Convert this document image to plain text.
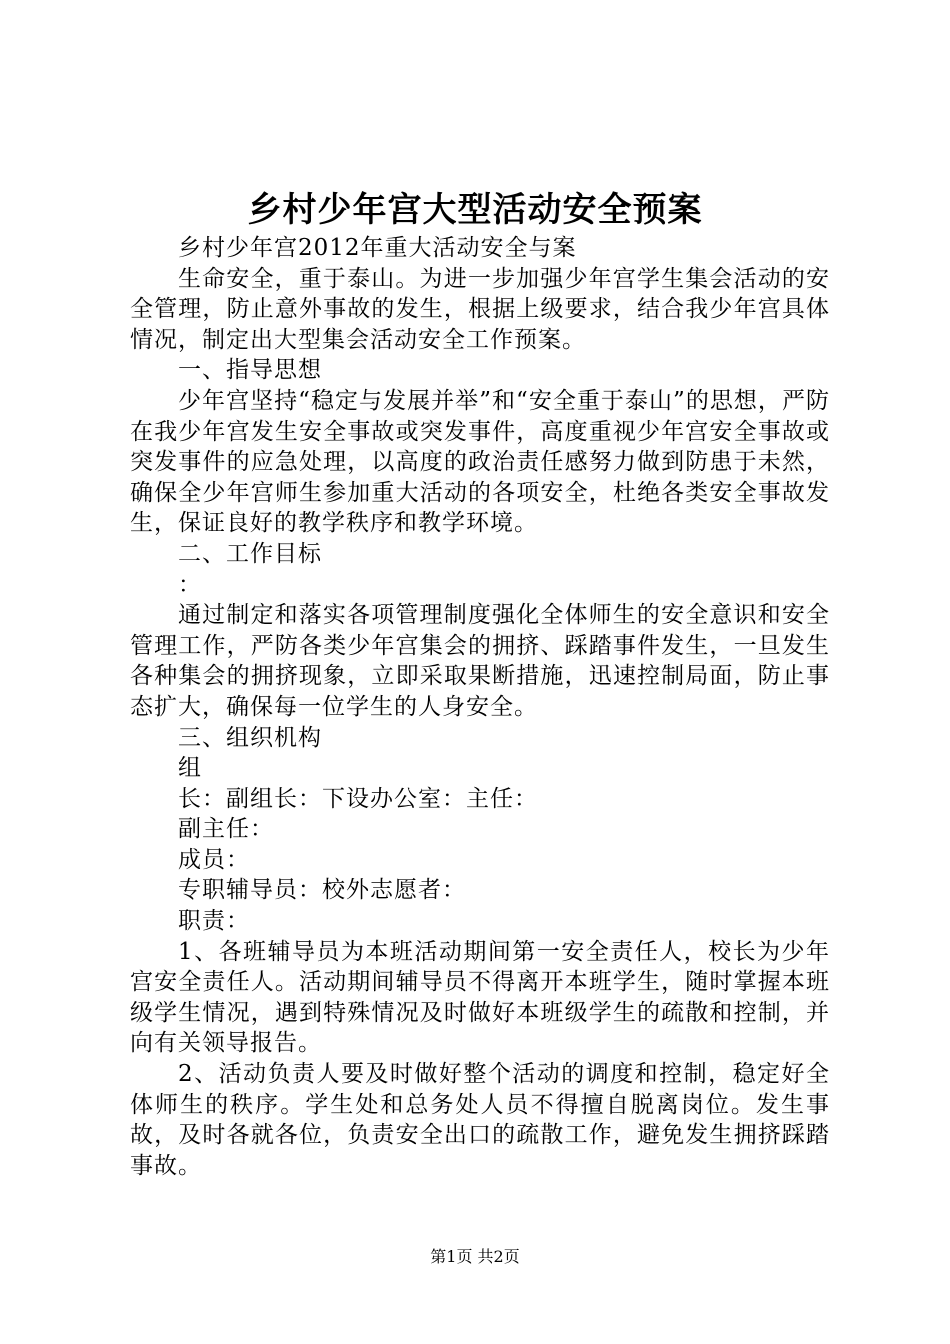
乡村少年宫大型活动安全预案

乡村少年宫2012年重大活动安全与案

生命安全，重于泰山。为进一步加强少年宫学生集会活动的安全管理，防止意外事故的发生，根据上级要求，结合我少年宫具体情况，制定出大型集会活动安全工作预案。

一、指导思想

少年宫坚持“稳定与发展并举”和“安全重于泰山”的思想，严防在我少年宫发生安全事故或突发事件，高度重视少年宫安全事故或突发事件的应急处理，以高度的政治责任感努力做到防患于未然，确保全少年宫师生参加重大活动的各项安全，杜绝各类安全事故发生，保证良好的教学秩序和教学环境。

二、工作目标

：

通过制定和落实各项管理制度强化全体师生的安全意识和安全管理工作，严防各类少年宫集会的拥挤、踩踏事件发生，一旦发生各种集会的拥挤现象，立即采取果断措施，迅速控制局面，防止事态扩大，确保每一位学生的人身安全。

三、组织机构

组

长：副组长：下设办公室：主任：

副主任：

成员：

专职辅导员：校外志愿者：

职责：

1、各班辅导员为本班活动期间第一安全责任人，校长为少年宫安全责任人。活动期间辅导员不得离开本班学生，随时掌握本班级学生情况，遇到特殊情况及时做好本班级学生的疏散和控制，并向有关领导报告。

2、活动负责人要及时做好整个活动的调度和控制，稳定好全体师生的秩序。学生处和总务处人员不得擅自脱离岗位。发生事故，及时各就各位，负责安全出口的疏散工作，避免发生拥挤踩踏事故。

第1页 共2页
